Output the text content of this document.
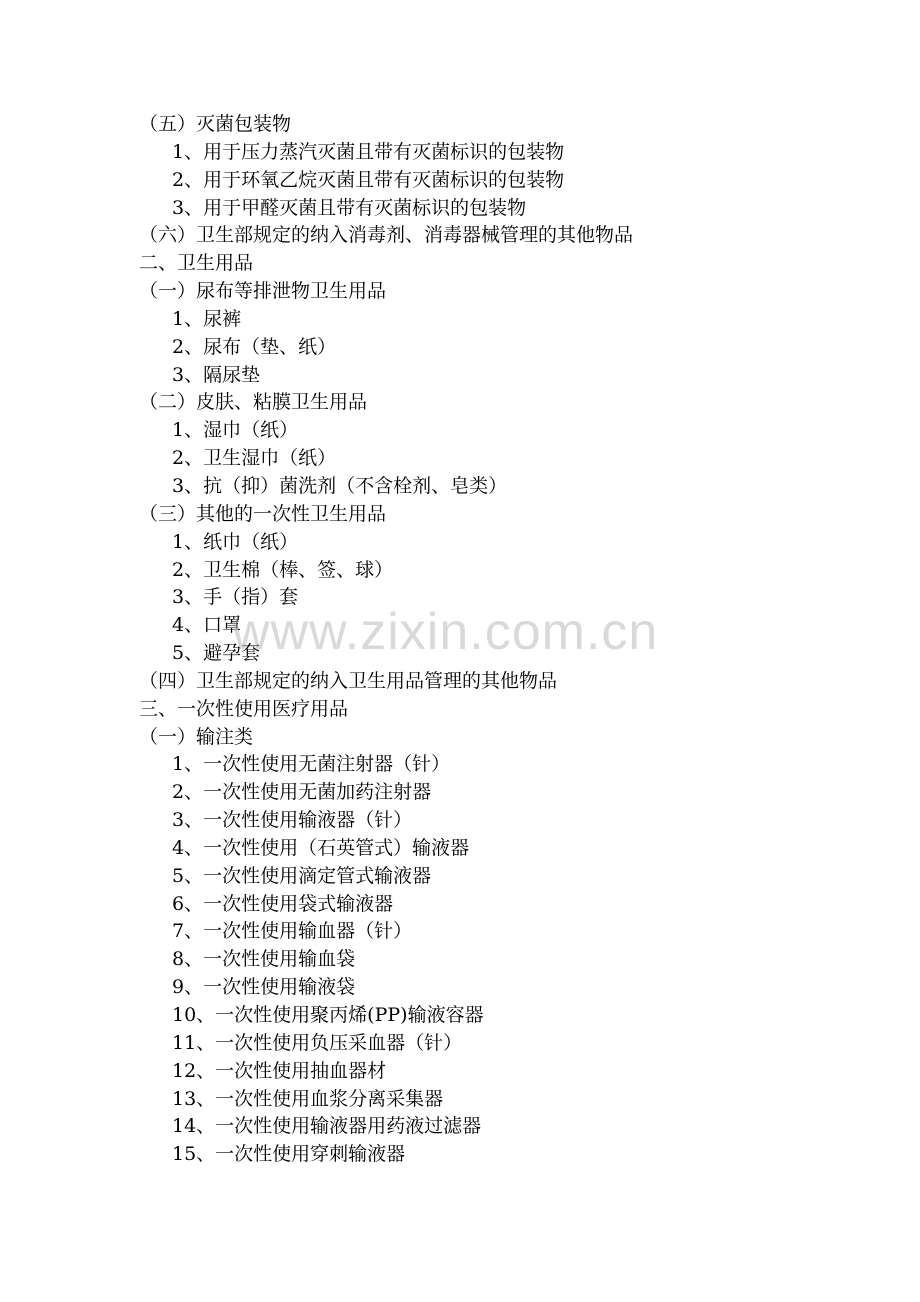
（五）灭菌包装物
1、用于压力蒸汽灭菌且带有灭菌标识的包装物
2、用于环氧乙烷灭菌且带有灭菌标识的包装物
3、用于甲醛灭菌且带有灭菌标识的包装物
（六）卫生部规定的纳入消毒剂、消毒器械管理的其他物品
二、卫生用品
（一）尿布等排泄物卫生用品
1、尿裤
2、尿布（垫、纸）
3、隔尿垫
（二）皮肤、粘膜卫生用品
1、湿巾（纸）
2、卫生湿巾（纸）
3、抗（抑）菌洗剂（不含栓剂、皂类）
（三）其他的一次性卫生用品
1、纸巾（纸）
2、卫生棉（棒、签、球）
3、手（指）套
4、口罩
5、避孕套
（四）卫生部规定的纳入卫生用品管理的其他物品
三、一次性使用医疗用品
（一）输注类
1、一次性使用无菌注射器（针）
2、一次性使用无菌加药注射器
3、一次性使用输液器（针）
4、一次性使用（石英管式）输液器
5、一次性使用滴定管式输液器
6、一次性使用袋式输液器
7、一次性使用输血器（针）
8、一次性使用输血袋
9、一次性使用输液袋
10、一次性使用聚丙烯(PP)输液容器
11、一次性使用负压采血器（针）
12、一次性使用抽血器材
13、一次性使用血浆分离采集器
14、一次性使用输液器用药液过滤器
15、一次性使用穿刺输液器
www.zixin.com.cn
